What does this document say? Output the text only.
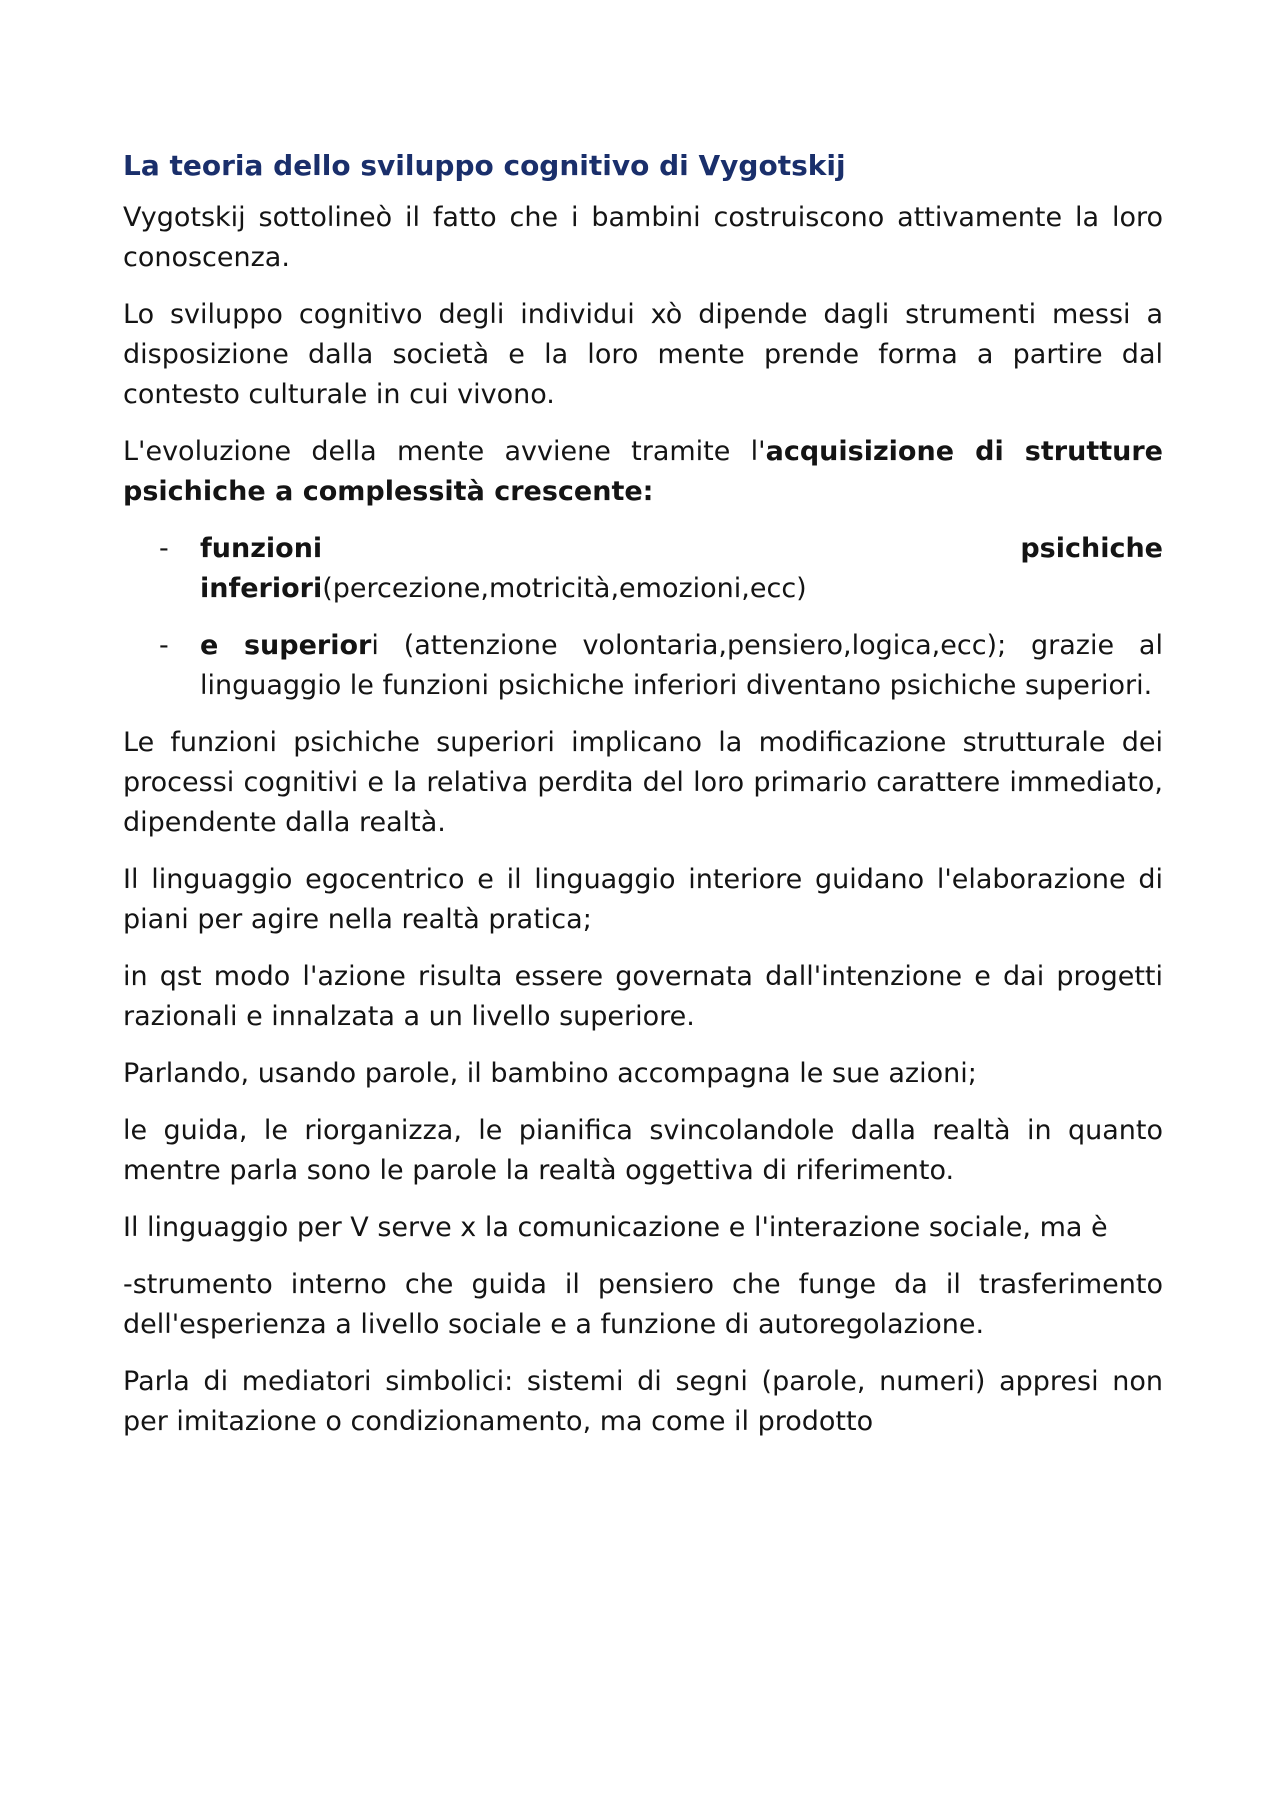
La teoria dello sviluppo cognitivo di Vygotskij

Vygotskij sottolineò il fatto che i bambini costruiscono attivamente la loro conoscenza.

Lo sviluppo cognitivo degli individui xò dipende dagli strumenti messi a disposizione dalla società e la loro mente prende forma a partire dal contesto culturale in cui vivono.

L'evoluzione della mente avviene tramite l'acquisizione di strutture psichiche a complessità crescente:

- funzioni psichiche
inferiori(percezione,motricità,emozioni,ecc)
- e superiori (attenzione volontaria,pensiero,logica,ecc); grazie al linguaggio le funzioni psichiche inferiori diventano psichiche superiori.

Le funzioni psichiche superiori implicano la modificazione strutturale dei processi cognitivi e la relativa perdita del loro primario carattere immediato, dipendente dalla realtà.

Il linguaggio egocentrico e il linguaggio interiore guidano l'elaborazione di piani per agire nella realtà pratica;

in qst modo l'azione risulta essere governata dall'intenzione e dai progetti razionali e innalzata a un livello superiore.

Parlando, usando parole, il bambino accompagna le sue azioni;

le guida, le riorganizza, le pianifica svincolandole dalla realtà in quanto mentre parla sono le parole la realtà oggettiva di riferimento.

Il linguaggio per V serve x la comunicazione e l'interazione sociale, ma è

-strumento interno che guida il pensiero che funge da il trasferimento dell'esperienza a livello sociale e a funzione di autoregolazione.

Parla di mediatori simbolici: sistemi di segni (parole, numeri) appresi non per imitazione o condizionamento, ma come il prodotto
